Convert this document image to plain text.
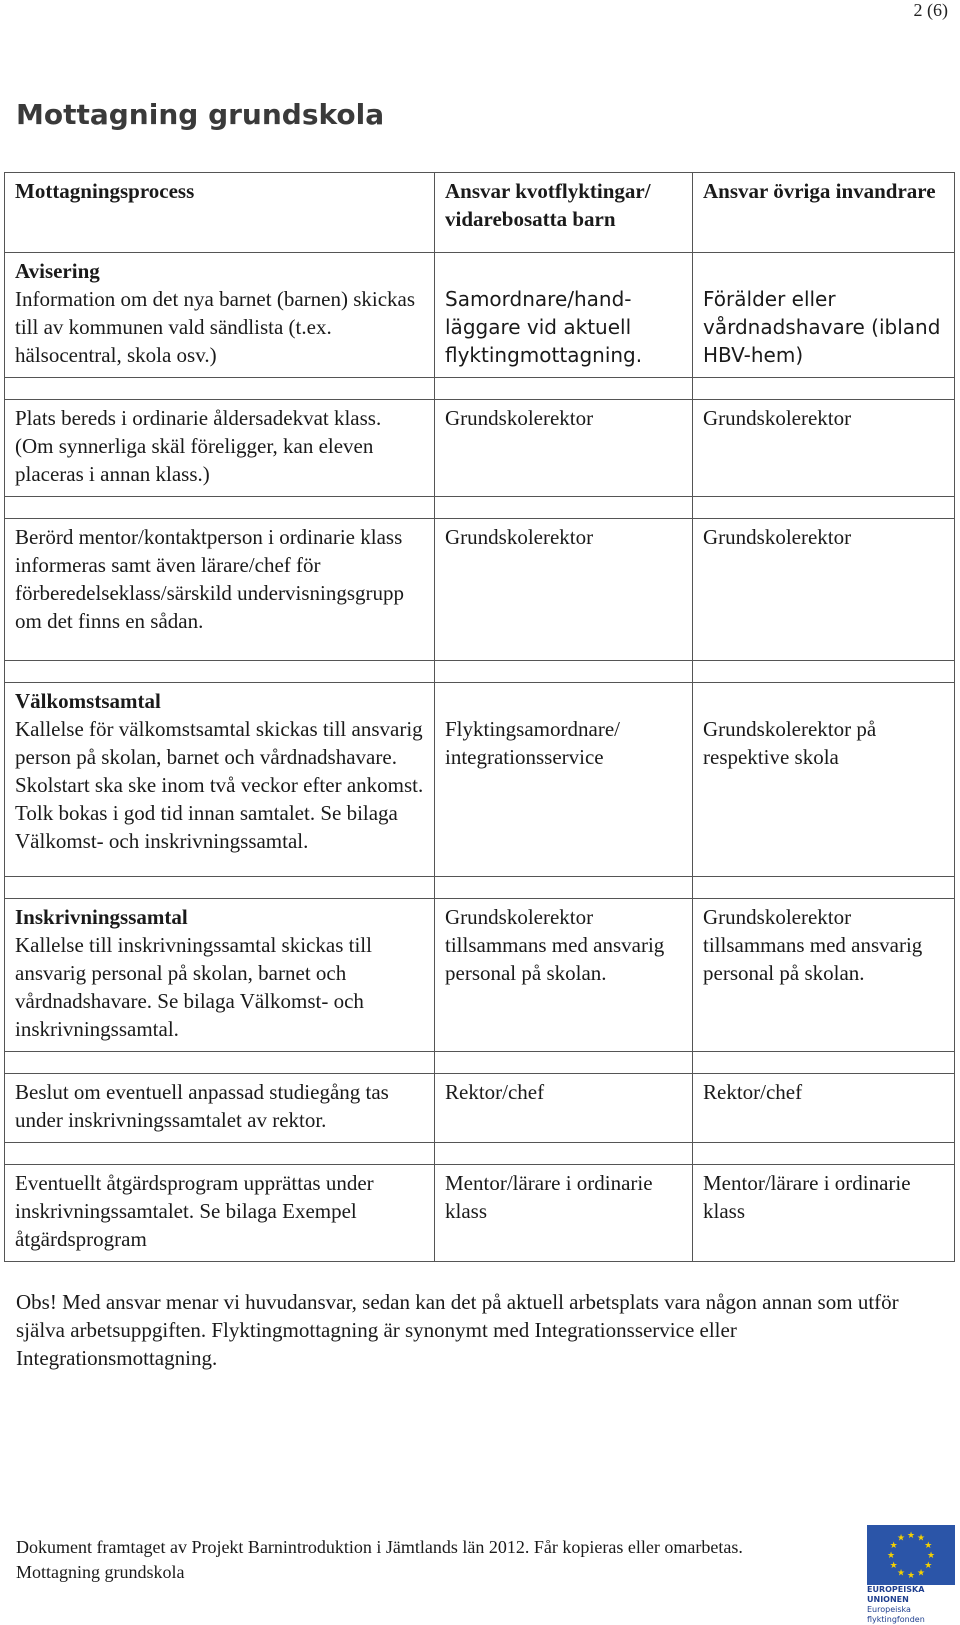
2 (6)
Mottagning grundskola
Mottagningsprocess	Ansvar kvotflyktingar/ vidarebosatta barn	Ansvar övriga invandrare

Avisering
Information om det nya barnet (barnen) skickas till av kommunen vald sändlista (t.ex. hälsocentral, skola osv.)	Samordnare/hand-läggare vid aktuell flyktingmottagning.	Förälder eller vårdnadshavare (ibland HBV-hem)

Plats bereds i ordinarie åldersadekvat klass. (Om synnerliga skäl föreligger, kan eleven placeras i annan klass.)	Grundskolerektor	Grundskolerektor

Berörd mentor/kontaktperson i ordinarie klass informeras samt även lärare/chef för förberedelseklass/särskild undervisningsgrupp om det finns en sådan.	Grundskolerektor	Grundskolerektor

Välkomstsamtal
Kallelse för välkomstsamtal skickas till ansvarig person på skolan, barnet och vårdnadshavare. Skolstart ska ske inom två veckor efter ankomst. Tolk bokas i god tid innan samtalet. Se bilaga Välkomst- och inskrivningssamtal.	Flyktingsamordnare/ integrationsservice	Grundskolerektor på respektive skola

Inskrivningssamtal
Kallelse till inskrivningssamtal skickas till ansvarig personal på skolan, barnet och vårdnadshavare. Se bilaga Välkomst- och inskrivningssamtal.	Grundskolerektor tillsammans med ansvarig personal på skolan.	Grundskolerektor tillsammans med ansvarig personal på skolan.

Beslut om eventuell anpassad studiegång tas under inskrivningssamtalet av rektor.	Rektor/chef	Rektor/chef

Eventuellt åtgärdsprogram upprättas under inskrivningssamtalet. Se bilaga Exempel åtgärdsprogram	Mentor/lärare i ordinarie klass	Mentor/lärare i ordinarie klass
Obs! Med ansvar menar vi huvudansvar, sedan kan det på aktuell arbetsplats vara någon annan som utför själva arbetsuppgiften. Flyktingmottagning är synonymt med Integrationsservice eller Integrationsmottagning.
Dokument framtaget av Projekt Barnintroduktion i Jämtlands län 2012. Får kopieras eller omarbetas.
Mottagning grundskola
★ ★
★
★
★
★
★
★
★
★
★
★
EUROPEISKA UNIONEN
Europeiska flyktingfonden
